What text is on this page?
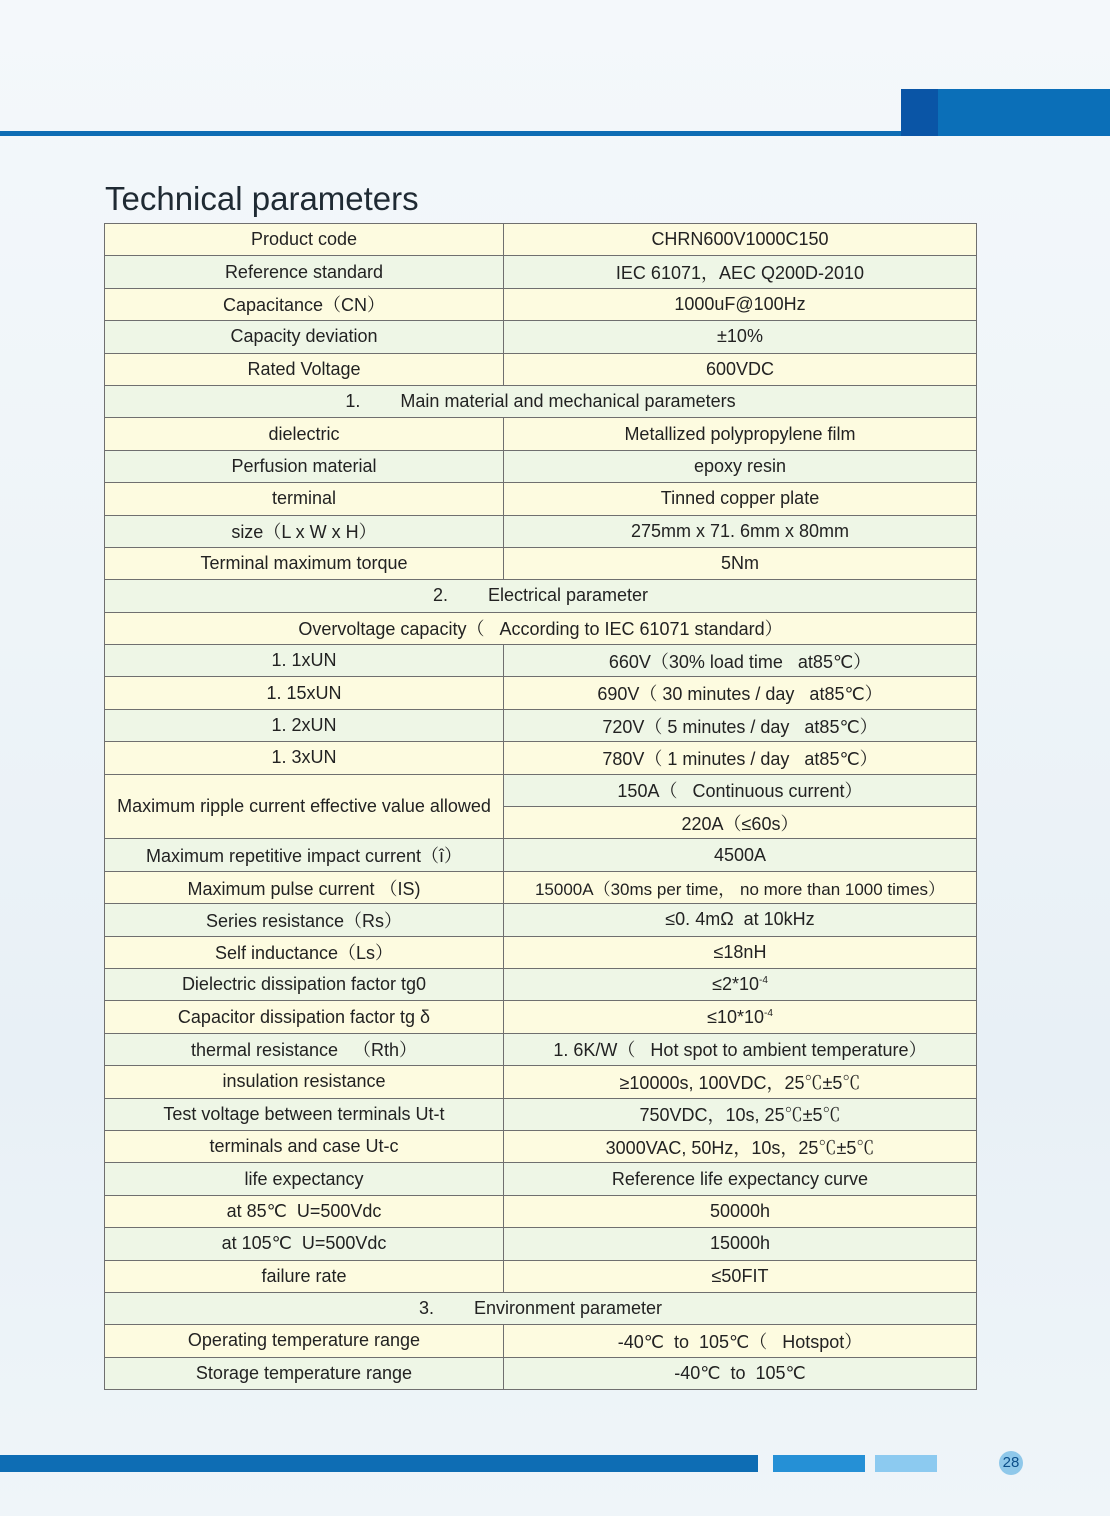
Technical parameters
Product code	CHRN600V1000C150
Reference standard	IEC 61071，AEC Q200D-2010
Capacitance（CN）	1000uF@100Hz
Capacity deviation	±10%
Rated Voltage	600VDC
1.        Main material and mechanical parameters	
dielectric	Metallized polypropylene film
Perfusion material	epoxy resin
terminal	Tinned copper plate
size（L x W x H）	275mm x 71. 6mm x 80mm
Terminal maximum torque	5Nm
2.        Electrical parameter	
Overvoltage capacity（   According to IEC 61071 standard）	
1. 1xUN	660V（30% load time   at85℃）
1. 15xUN	690V（ 30 minutes / day   at85℃）
1. 2xUN	720V（ 5 minutes / day   at85℃）
1. 3xUN	780V（ 1 minutes / day   at85℃）
Maximum ripple current effective value allowed	150A（   Continuous current）
	220A（≤60s）
Maximum repetitive impact current（î）	4500A
Maximum pulse current （IS)	15000A（30ms per time， no more than 1000 times）
Series resistance（Rs）	≤0. 4mΩ  at 10kHz
Self inductance（Ls）	≤18nH
Dielectric dissipation factor tg0	$\le 2*10^{-4}$
Capacitor dissipation factor tg δ	$\le 10*10^{-4}$
thermal resistance   （Rth）	1. 6K/W（   Hot spot to ambient temperature）
insulation resistance	≥10000s, 100VDC，25℃±5℃
Test voltage between terminals Ut-t	750VDC，10s, 25℃±5℃
terminals and case Ut-c	3000VAC, 50Hz，10s，25℃±5℃
life expectancy	Reference life expectancy curve
at 85℃  U=500Vdc	50000h
at 105℃  U=500Vdc	15000h
failure rate	≤50FIT
3.        Environment parameter	
Operating temperature range	-40℃  to  105℃（   Hotspot）
Storage temperature range	-40℃  to  105℃
28
